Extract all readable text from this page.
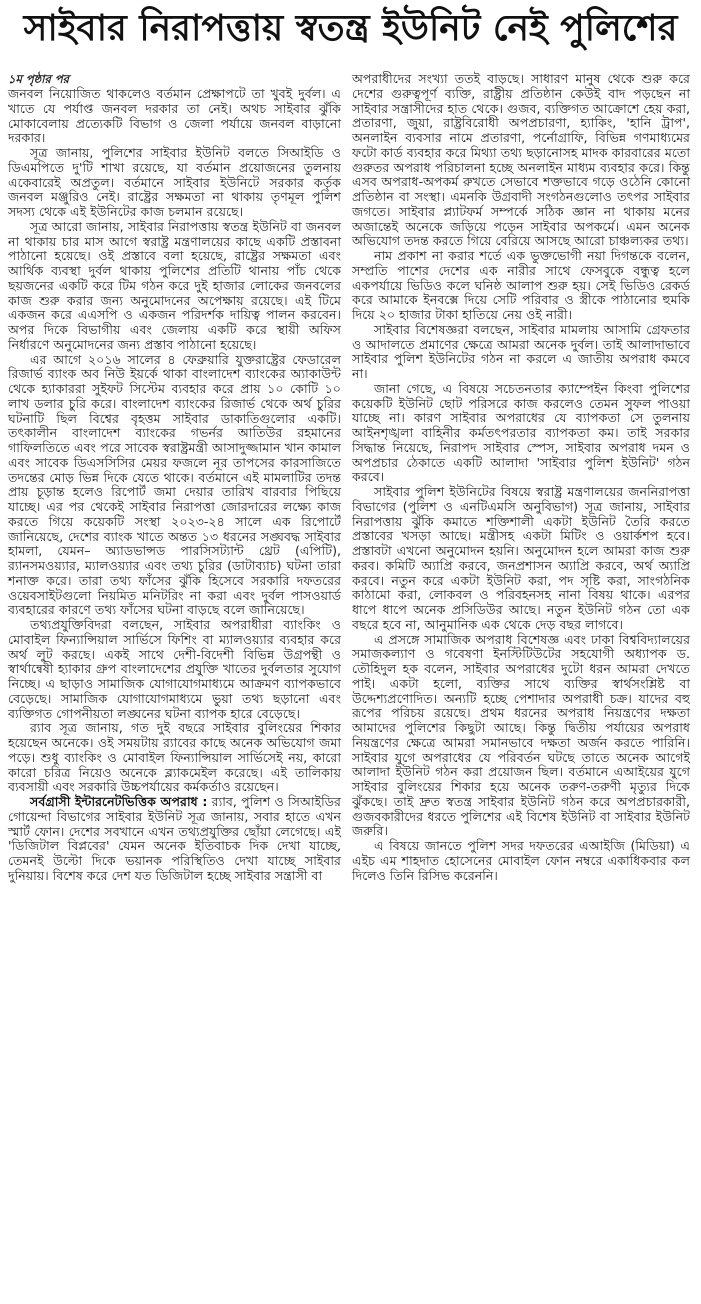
সাইবার নিরাপত্তায় স্বতন্ত্র ইউনিট নেই পুলিশের
১ম পৃষ্ঠার পর

জনবল নিয়োজিত থাকলেও বর্তমান প্রেক্ষাপটে তা খুবই দুর্বল। এ খাতে যে পর্যাপ্ত জনবল দরকার তা নেই। অথচ সাইবার ঝুঁকি মোকাবেলায় প্রত্যেকটি বিভাগ ও জেলা পর্যায়ে জনবল বাড়ানো দরকার।

সূত্র জানায়, পুলিশের সাইবার ইউনিট বলতে সিআইডি ও ডিএমপিতে দু'টি শাখা রয়েছে, যা বর্তমান প্রয়োজনের তুলনায় একেবারেই অপ্রতুল। বর্তমানে সাইবার ইউনিটে সরকার কর্তৃক জনবল মঞ্জুরিও নেই। রাষ্ট্রের সক্ষমতা না থাকায় তৃণমূল পুলিশ সদস্য থেকে এই ইউনিটের কাজ চলমান রয়েছে।

সূত্র আরো জানায়, সাইবার নিরাপত্তায় স্বতন্ত্র ইউনিট বা জনবল না থাকায় চার মাস আগে স্বরাষ্ট্র মন্ত্রণালয়ের কাছে একটি প্রস্তাবনা পাঠানো হয়েছে। ওই প্রস্তাবে বলা হয়েছে, রাষ্ট্রের সক্ষমতা এবং আর্থিক ব্যবস্থা দুর্বল থাকায় পুলিশের প্রতিটি থানায় পাঁচ থেকে ছয়জনের একটি করে টিম গঠন করে দুই হাজার লোকের জনবলের কাজ শুরু করার জন্য অনুমোদনের অপেক্ষায় রয়েছে। এই টিমে একজন করে এএসপি ও একজন পরিদর্শক দায়িত্ব পালন করবেন। অপর দিকে বিভাগীয় এবং জেলায় একটি করে স্থায়ী অফিস নির্ধারণে অনুমোদনের জন্য প্রস্তাব পাঠানো হয়েছে।

এর আগে ২০১৬ সালের ৪ ফেব্রুয়ারি যুক্তরাষ্ট্রের ফেডারেল রিজার্ভ ব্যাংক অব নিউ ইয়র্কে থাকা বাংলাদেশ ব্যাংকের অ্যাকাউন্ট থেকে হ্যাকাররা সুইফট সিস্টেম ব্যবহার করে প্রায় ১০ কোটি ১০ লাখ ডলার চুরি করে। বাংলাদেশ ব্যাংকের রিজার্ভ থেকে অর্থ চুরির ঘটনাটি ছিল বিশ্বের বৃহত্তম সাইবার ডাকাতিগুলোর একটি। তৎকালীন বাংলাদেশ ব্যাংকের গভর্নর আতিউর রহমানের গাফিলতিতে এবং পরে সাবেক স্বরাষ্ট্রমন্ত্রী আসাদুজ্জামান খান কামাল এবং সাবেক ডিএসসিসির মেয়র ফজলে নূর তাপসের কারসাজিতে তদন্তের মোড় ভিন্ন দিকে যেতে থাকে। বর্তমানে এই মামলাটির তদন্ত প্রায় চূড়ান্ত হলেও রিপোর্ট জমা দেয়ার তারিখ বারবার পিছিয়ে যাচ্ছে। এর পর থেকেই সাইবার নিরাপত্তা জোরদারের লক্ষ্যে কাজ করতে গিয়ে কয়েকটি সংস্থা ২০২৩-২৪ সালে এক রিপোর্টে জানিয়েছে, দেশের ব্যাংক খাতে অন্তত ১৩ ধরনের সঙ্ঘবদ্ধ সাইবার হামলা, যেমন– অ্যাডভান্সড পারসিসট্যান্ট থ্রেট (এপিটি), র‍্যানসমওয়্যার, ম্যালওয়্যার এবং তথ্য চুরির (ডাটাব্যাচ) ঘটনা তারা শনাক্ত করে। তারা তথ্য ফাঁসের ঝুঁকি হিসেবে সরকারি দফতরের ওয়েবসাইটগুলো নিয়মিত মনিটরিং না করা এবং দুর্বল পাসওয়ার্ড ব্যবহারের কারণে তথ্য ফাঁসের ঘটনা বাড়ছে বলে জানিয়েছে।

তথ্যপ্রযুক্তিবিদরা বলছেন, সাইবার অপরাধীরা ব্যাংকিং ও মোবাইল ফিন্যান্সিয়াল সার্ভিসে ফিশিং বা ম্যালওয়্যার ব্যবহার করে অর্থ লুট করছে। একই সাথে দেশী-বিদেশী বিভিন্ন উগ্রপন্থী ও স্বার্থান্বেষী হ্যাকার গ্রুপ বাংলাদেশের প্রযুক্তি খাতের দুর্বলতার সুযোগ নিচ্ছে। এ ছাড়াও সামাজিক যোগাযোগমাধ্যমে আক্রমণ ব্যাপকভাবে বেড়েছে। সামাজিক যোগাযোগমাধ্যমে ভুয়া তথ্য ছড়ানো এবং ব্যক্তিগত গোপনীয়তা লঙ্ঘনের ঘটনা ব্যাপক হারে বেড়েছে।

র‍্যাব সূত্র জানায়, গত দুই বছরে সাইবার বুলিংয়ের শিকার হয়েছেন অনেকে। ওই সময়টায় র‍্যাবের কাছে অনেক অভিযোগ জমা পড়ে। শুধু ব্যাংকিং ও মোবাইল ফিন্যান্সিয়াল সার্ভিসেই নয়, কারো কারো চরিত্র নিয়েও অনেকে ব্ল্যাকমেইল করেছে। এই তালিকায় ব্যবসায়ী এবং সরকারি উচ্চপর্যায়ের কর্মকর্তাও রয়েছেন।

সর্বগ্রাসী ইন্টারনেটভিত্তিক অপরাধ : র‍্যাব, পুলিশ ও সিআইডির গোয়েন্দা বিভাগের সাইবার ইউনিট সূত্র জানায়, সবার হাতে এখন স্মার্ট ফোন। দেশের সবখানে এখন তথ্যপ্রযুক্তির ছোঁয়া লেগেছে। এই 'ডিজিটাল বিপ্লবের' যেমন অনেক ইতিবাচক দিক দেখা যাচ্ছে, তেমনই উল্টো দিকে ভয়ানক পরিস্থিতিও দেখা যাচ্ছে সাইবার দুনিয়ায়। বিশেষ করে দেশ যত ডিজিটাল হচ্ছে সাইবার সন্ত্রাসী বা

অপরাধীদের সংখ্যা ততই বাড়ছে। সাধারণ মানুষ থেকে শুরু করে দেশের গুরুত্বপূর্ণ ব্যক্তি, রাষ্ট্রীয় প্রতিষ্ঠান কেউই বাদ পড়ছেন না সাইবার সন্ত্রাসীদের হাত থেকে। গুজব, ব্যক্তিগত আক্রোশে হেয় করা, প্রতারণা, জুয়া, রাষ্ট্রবিরোধী অপপ্রচারণা, হ্যাকিং, 'হানি ট্রাপ', অনলাইন ব্যবসার নামে প্রতারণা, পর্নোগ্রাফি, বিভিন্ন গণমাধ্যমের ফটো কার্ড ব্যবহার করে মিথ্যা তথ্য ছড়ানোসহ মাদক কারবারের মতো গুরুতর অপরাধ পরিচালনা হচ্ছে অনলাইন মাধ্যম ব্যবহার করে। কিন্তু এসব অপরাধ-অপকর্ম রুখতে সেভাবে শক্তভাবে গড়ে ওঠেনি কোনো প্রতিষ্ঠান বা সংস্থা। এমনকি উগ্রবাদী সংগঠনগুলোও তৎপর সাইবার জগতে। সাইবার প্ল্যাটফর্ম সম্পর্কে সঠিক জ্ঞান না থাকায় মনের অজান্তেই অনেকে জড়িয়ে পড়েন সাইবার অপকর্মে। এমন অনেক অভিযোগ তদন্ত করতে গিয়ে বেরিয়ে আসছে আরো চাঞ্চল্যকর তথ্য।

নাম প্রকাশ না করার শর্তে এক ভুক্তভোগী নয়া দিগন্তকে বলেন, সম্প্রতি পাশের দেশের এক নারীর সাথে ফেসবুকে বন্ধুত্ব হলে একপর্যায়ে ভিডিও কলে ঘনিষ্ঠ আলাপ শুরু হয়। সেই ভিডিও রেকর্ড করে আমাকে ইনবক্সে দিয়ে সেটি পরিবার ও স্ত্রীকে পাঠানোর হুমকি দিয়ে ২০ হাজার টাকা হাতিয়ে নেয় ওই নারী।

সাইবার বিশেষজ্ঞরা বলছেন, সাইবার মামলায় আসামি গ্রেফতার ও আদালতে প্রমাণের ক্ষেত্রে আমরা অনেক দুর্বল। তাই আলাদাভাবে সাইবার পুলিশ ইউনিটের গঠন না করলে এ জাতীয় অপরাধ কমবে না।

জানা গেছে, এ বিষয়ে সচেতনতার ক্যাম্পেইন কিংবা পুলিশের কয়েকটি ইউনিট ছোট পরিসরে কাজ করলেও তেমন সুফল পাওয়া যাচ্ছে না। কারণ সাইবার অপরাধের যে ব্যাপকতা সে তুলনায় আইনশৃঙ্খলা বাহিনীর কর্মতৎপরতার ব্যাপকতা কম। তাই সরকার সিদ্ধান্ত নিয়েছে, নিরাপদ সাইবার স্পেস, সাইবার অপরাধ দমন ও অপপ্রচার ঠেকাতে একটি আলাদা 'সাইবার পুলিশ ইউনিট' গঠন করবে।

সাইবার পুলিশ ইউনিটের বিষয়ে স্বরাষ্ট্র মন্ত্রণালয়ের জননিরাপত্তা বিভাগের (পুলিশ ও এনটিএমসি অনুবিভাগ) সূত্র জানায়, সাইবার নিরাপত্তায় ঝুঁকি কমাতে শক্তিশালী একটা ইউনিট তৈরি করতে প্রস্তাবের খসড়া আছে। মন্ত্রীসহ একটা মিটিং ও ওয়ার্কশপ হবে। প্রস্তাবটা এখনো অনুমোদন হয়নি। অনুমোদন হলে আমরা কাজ শুরু করব। কমিটি অ্যাপ্রি করবে, জনপ্রশাসন অ্যাপ্রি করবে, অর্থ অ্যাপ্রি করবে। নতুন করে একটা ইউনিট করা, পদ সৃষ্টি করা, সাংগঠনিক কাঠামো করা, লোকবল ও পরিবহনসহ নানা বিষয় থাকে। এরপর ধাপে ধাপে অনেক প্রসিডিউর আছে। নতুন ইউনিট গঠন তো এক বছরে হবে না, আনুমানিক এক থেকে দেড় বছর লাগবে।

এ প্রসঙ্গে সামাজিক অপরাধ বিশেষজ্ঞ এবং ঢাকা বিশ্ববিদ্যালয়ের সমাজকল্যাণ ও গবেষণা ইনস্টিটিউটের সহযোগী অধ্যাপক ড. তৌহিদুল হক বলেন, সাইবার অপরাধের দুটো ধরন আমরা দেখতে পাই। একটা হলো, ব্যক্তির সাথে ব্যক্তির স্বার্থসংশ্লিষ্ট বা উদ্দেশ্যপ্রণোদিত। অন্যটি হচ্ছে পেশাদার অপরাধী চক্র। যাদের বহু রূপের পরিচয় রয়েছে। প্রথম ধরনের অপরাধ নিয়ন্ত্রণের দক্ষতা আমাদের পুলিশের কিছুটা আছে। কিন্তু দ্বিতীয় পর্যায়ের অপরাধ নিয়ন্ত্রণের ক্ষেত্রে আমরা সমানভাবে দক্ষতা অর্জন করতে পারিনি। সাইবার যুগে অপরাধের যে পরিবর্তন ঘটছে তাতে অনেক আগেই আলাদা ইউনিট গঠন করা প্রয়োজন ছিল। বর্তমানে এআইয়ের যুগে সাইবার বুলিংয়ের শিকার হয়ে অনেক তরুণ-তরুণী মৃত্যুর দিকে ঝুঁকছে। তাই দ্রুত স্বতন্ত্র সাইবার ইউনিট গঠন করে অপপ্রচারকারী, গুজবকারীদের ধরতে পুলিশের এই বিশেষ ইউনিট বা সাইবার ইউনিট জরুরি।

এ বিষয়ে জানতে পুলিশ সদর দফতরের এআইজি (মিডিয়া) এ এইচ এম শাহদাত হোসেনের মোবাইল ফোন নম্বরে একাধিকবার কল দিলেও তিনি রিসিভ করেননি।
